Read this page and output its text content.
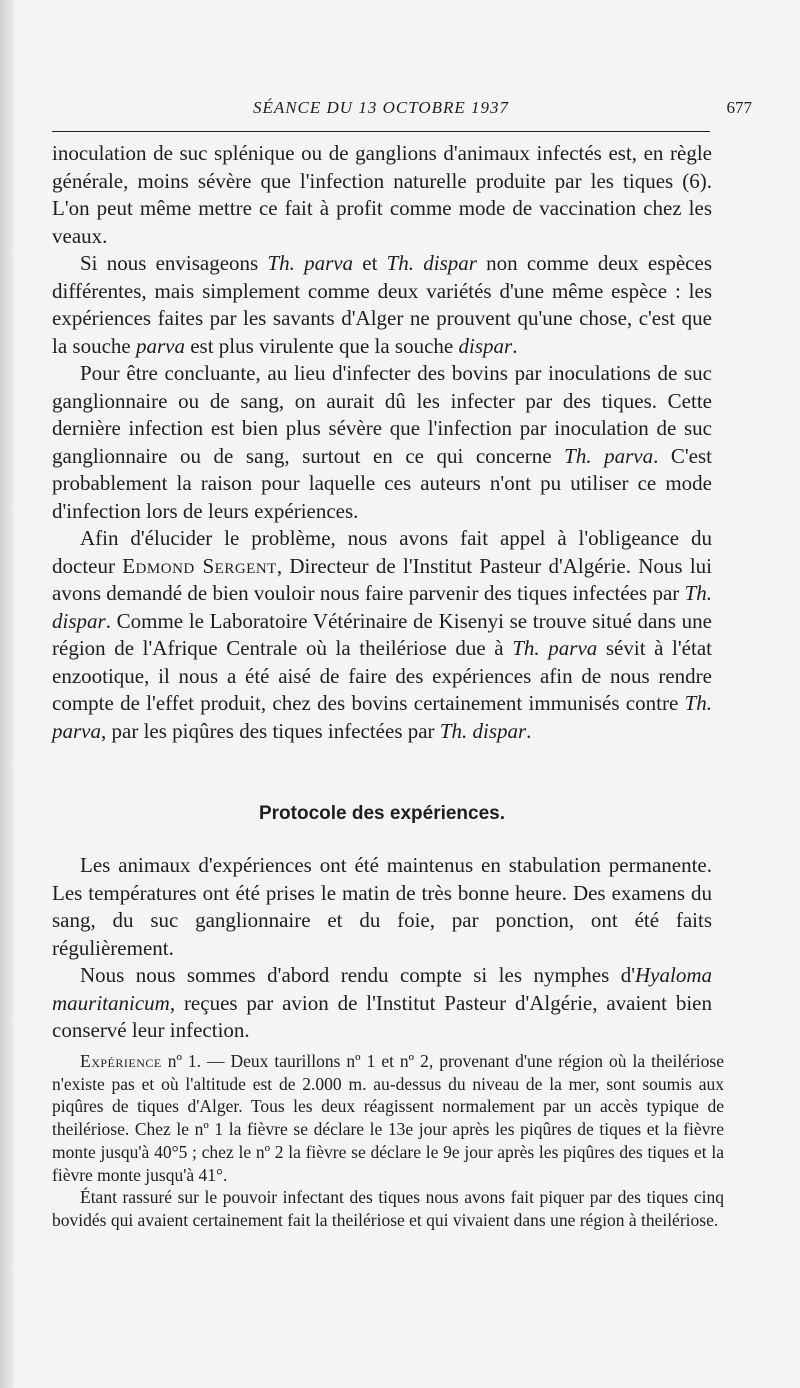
SÉANCE DU 13 OCTOBRE 1937	677

inoculation de suc splénique ou de ganglions d'animaux infectés est, en règle générale, moins sévère que l'infection naturelle produite par les tiques (6). L'on peut même mettre ce fait à profit comme mode de vaccination chez les veaux.

Si nous envisageons Th. parva et Th. dispar non comme deux espèces différentes, mais simplement comme deux variétés d'une même espèce : les expériences faites par les savants d'Alger ne prouvent qu'une chose, c'est que la souche parva est plus virulente que la souche dispar.

Pour être concluante, au lieu d'infecter des bovins par inoculations de suc ganglionnaire ou de sang, on aurait dû les infecter par des tiques. Cette dernière infection est bien plus sévère que l'infection par inoculation de suc ganglionnaire ou de sang, surtout en ce qui concerne Th. parva. C'est probablement la raison pour laquelle ces auteurs n'ont pu utiliser ce mode d'infection lors de leurs expériences.

Afin d'élucider le problème, nous avons fait appel à l'obligeance du docteur Edmond Sergent, Directeur de l'Institut Pasteur d'Algérie. Nous lui avons demandé de bien vouloir nous faire parvenir des tiques infectées par Th. dispar. Comme le Laboratoire Vétérinaire de Kisenyi se trouve situé dans une région de l'Afrique Centrale où la theilériose due à Th. parva sévit à l'état enzootique, il nous a été aisé de faire des expériences afin de nous rendre compte de l'effet produit, chez des bovins certainement immunisés contre Th. parva, par les piqûres des tiques infectées par Th. dispar.

Protocole des expériences.

Les animaux d'expériences ont été maintenus en stabulation permanente. Les températures ont été prises le matin de très bonne heure. Des examens du sang, du suc ganglionnaire et du foie, par ponction, ont été faits régulièrement.

Nous nous sommes d'abord rendu compte si les nymphes d'Hyaloma mauritanicum, reçues par avion de l'Institut Pasteur d'Algérie, avaient bien conservé leur infection.

Expérience nº 1. — Deux taurillons nº 1 et nº 2, provenant d'une région où la theilériose n'existe pas et où l'altitude est de 2.000 m. au-dessus du niveau de la mer, sont soumis aux piqûres de tiques d'Alger. Tous les deux réagissent normalement par un accès typique de theilériose. Chez le nº 1 la fièvre se déclare le 13e jour après les piqûres de tiques et la fièvre monte jusqu'à 40°5 ; chez le nº 2 la fièvre se déclare le 9e jour après les piqûres des tiques et la fièvre monte jusqu'à 41°.

Étant rassuré sur le pouvoir infectant des tiques nous avons fait piquer par des tiques cinq bovidés qui avaient certainement fait la theilériose et qui vivaient dans une région à theilériose.
